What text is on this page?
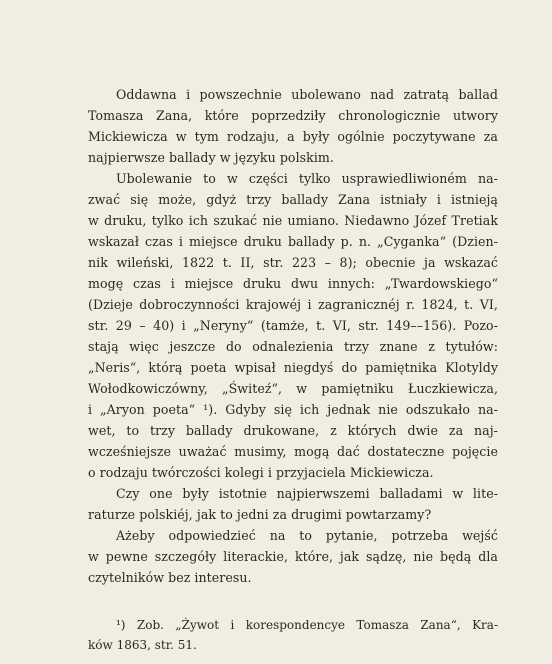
Oddawna i powszechnie ubolewano nad zatratą ballad
Tomasza Zana, które poprzedziły chronologicznie utwory
Mickiewicza w tym rodzaju, a były ogólnie poczytywane za
najpierwsze ballady w języku polskim.
Ubolewanie to w części tylko usprawiedliwioném na-
zwać się może, gdyż trzy ballady Zana istniały i istnieją
w druku, tylko ich szukać nie umiano. Niedawno Józef Tretiak
wskazał czas i miejsce druku ballady p. n. „Cyganka“ (Dzien-
nik wileński, 1822 t. II, str. 223 – 8); obecnie ja wskazać
mogę czas i miejsce druku dwu innych: „Twardowskiego“
(Dzieje dobroczynności krajowéj i zagranicznéj r. 1824, t. VI,
str. 29 – 40) i „Neryny“ (tamże, t. VI, str. 149––156). Pozo-
stają więc jeszcze do odnalezienia trzy znane z tytułów:
„Neris“, którą poeta wpisał niegdyś do pamiętnika Klotyldy
Wołodkowiczówny, „Świteź“, w pamiętniku Łuczkiewicza,
i „Aryon poeta“ ¹). Gdyby się ich jednak nie odszukało na-
wet, to trzy ballady drukowane, z których dwie za naj-
wcześniejsze uważać musimy, mogą dać dostateczne pojęcie
o rodzaju twórczości kolegi i przyjaciela Mickiewicza.
Czy one były istotnie najpierwszemi balladami w lite-
raturze polskiéj, jak to jedni za drugimi powtarzamy?
Ażeby odpowiedzieć na to pytanie, potrzeba wejść
w pewne szczegóły literackie, które, jak sądzę, nie będą dla
czytelników bez interesu.
¹) Zob. „Żywot i korespondencye Tomasza Zana“, Kra-
ków 1863, str. 51.
